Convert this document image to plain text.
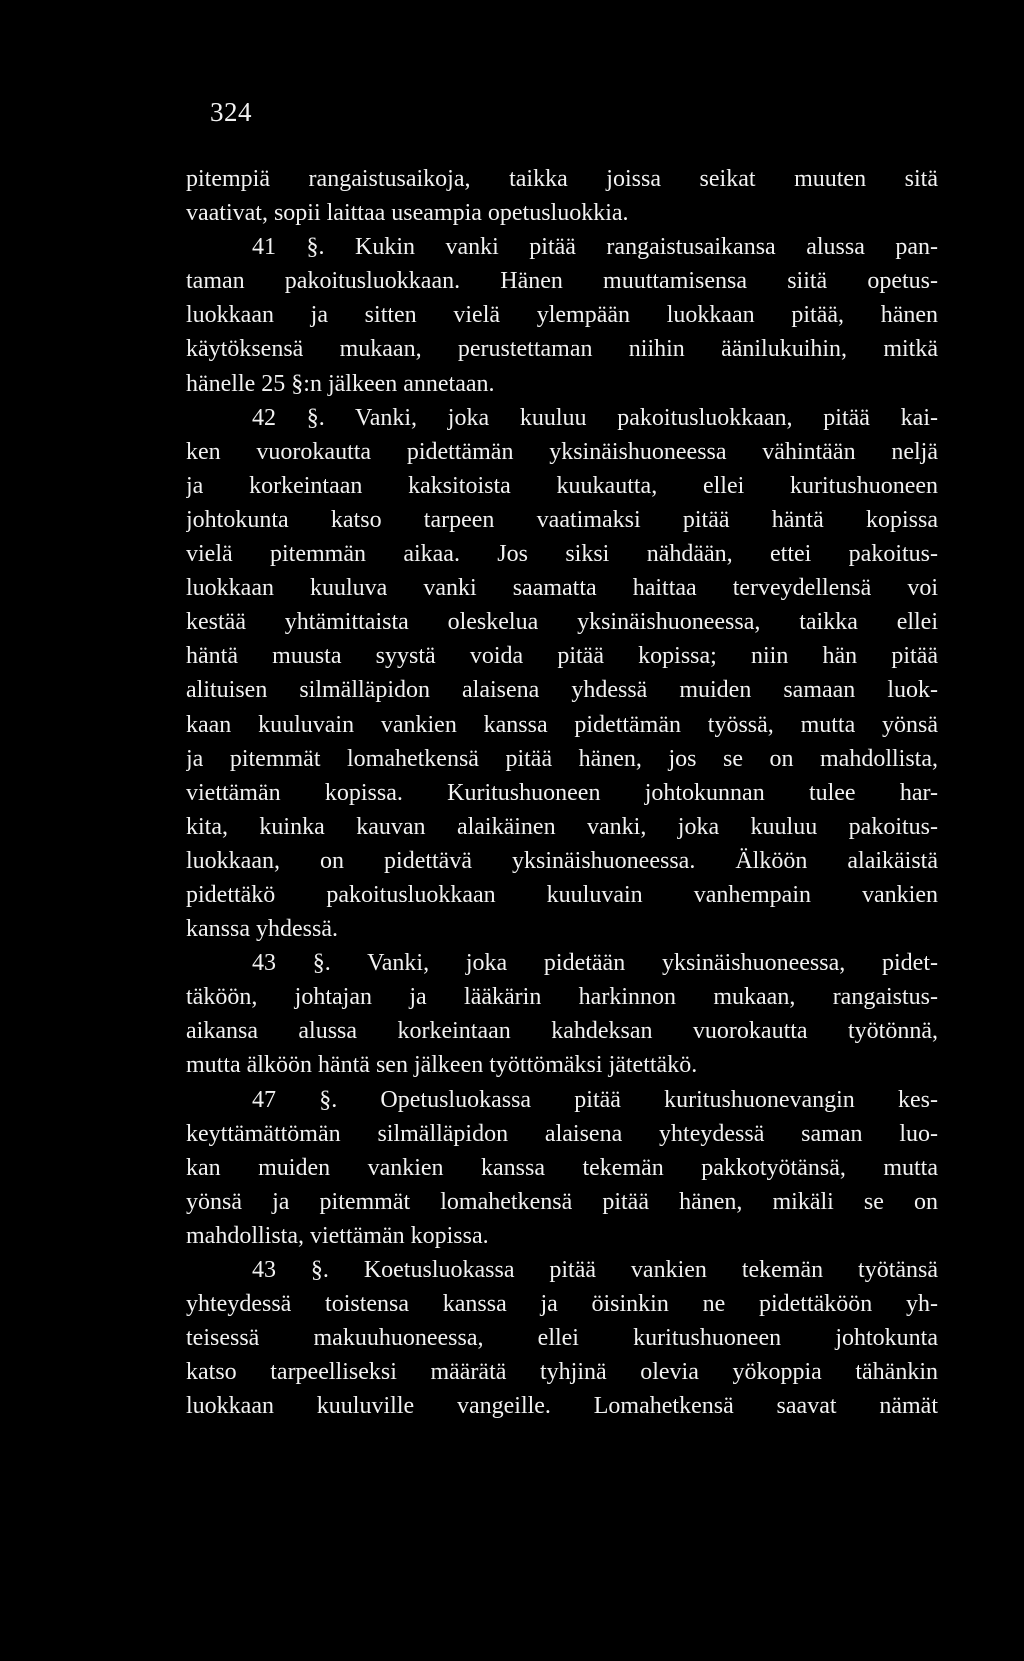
324
pitempiä rangaistusaikoja, taikka joissa seikat muuten sitä
vaativat, sopii laittaa useampia opetusluokkia.
41 §. Kukin vanki pitää rangaistusaikansa alussa pan-
taman pakoitusluokkaan. Hänen muuttamisensa siitä opetus-
luokkaan ja sitten vielä ylempään luokkaan pitää, hänen
käytöksensä mukaan, perustettaman niihin äänilukuihin, mitkä
hänelle 25 §:n jälkeen annetaan.
42 §. Vanki, joka kuuluu pakoitusluokkaan, pitää kai-
ken vuorokautta pidettämän yksinäishuoneessa vähintään neljä
ja korkeintaan kaksitoista kuukautta, ellei kuritushuoneen
johtokunta katso tarpeen vaatimaksi pitää häntä kopissa
vielä pitemmän aikaa. Jos siksi nähdään, ettei pakoitus-
luokkaan kuuluva vanki saamatta haittaa terveydellensä voi
kestää yhtämittaista oleskelua yksinäishuoneessa, taikka ellei
häntä muusta syystä voida pitää kopissa; niin hän pitää
alituisen silmälläpidon alaisena yhdessä muiden samaan luok-
kaan kuuluvain vankien kanssa pidettämän työssä, mutta yönsä
ja pitemmät lomahetkensä pitää hänen, jos se on mahdollista,
viettämän kopissa. Kuritushuoneen johtokunnan tulee har-
kita, kuinka kauvan alaikäinen vanki, joka kuuluu pakoitus-
luokkaan, on pidettävä yksinäishuoneessa. Älköön alaikäistä
pidettäkö pakoitusluokkaan kuuluvain vanhempain vankien
kanssa yhdessä.
43 §. Vanki, joka pidetään yksinäishuoneessa, pidet-
täköön, johtajan ja lääkärin harkinnon mukaan, rangaistus-
aikansa alussa korkeintaan kahdeksan vuorokautta työtönnä,
mutta älköön häntä sen jälkeen työttömäksi jätettäkö.
47 §. Opetusluokassa pitää kuritushuonevangin kes-
keyttämättömän silmälläpidon alaisena yhteydessä saman luo-
kan muiden vankien kanssa tekemän pakkotyötänsä, mutta
yönsä ja pitemmät lomahetkensä pitää hänen, mikäli se on
mahdollista, viettämän kopissa.
43 §. Koetusluokassa pitää vankien tekemän työtänsä
yhteydessä toistensa kanssa ja öisinkin ne pidettäköön yh-
teisessä makuuhuoneessa, ellei kuritushuoneen johtokunta
katso tarpeelliseksi määrätä tyhjinä olevia yökoppia tähänkin
luokkaan kuuluville vangeille. Lomahetkensä saavat nämät
